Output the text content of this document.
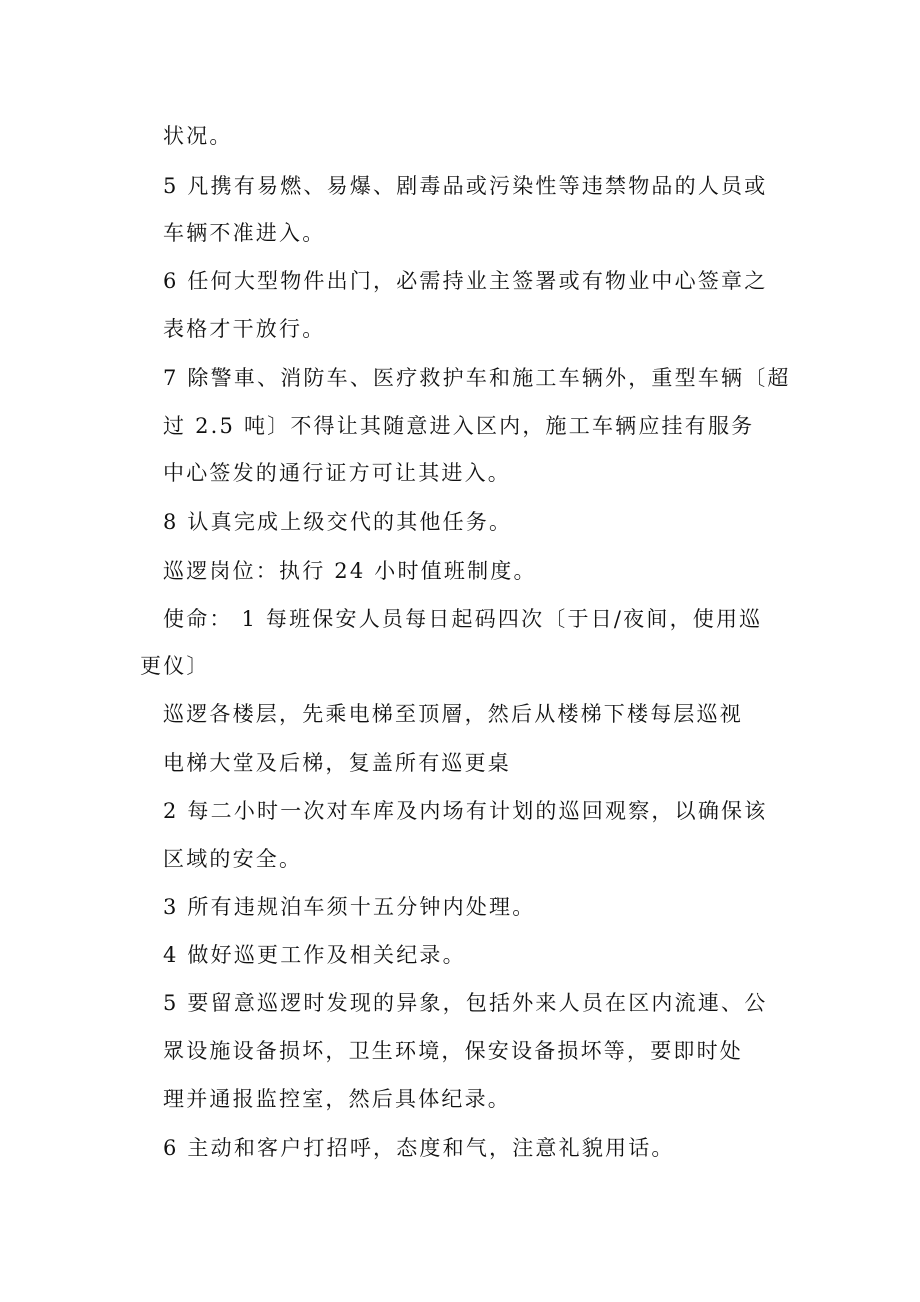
状况。
5 凡携有易燃、易爆、剧毒品或污染性等违禁物品的人员或
车辆不准进入。
6 任何大型物件出门，必需持业主签署或有物业中心签章之
表格才干放行。
7 除警車、消防车、医疗救护车和施工车辆外，重型车辆〔超
过 2.5 吨〕不得让其随意进入区内，施工车辆应挂有服务
中心签发的通行证方可让其进入。
8 认真完成上级交代的其他任务。
巡逻岗位：执行 24 小时值班制度。
使命： 1 每班保安人员每日起码四次〔于日/夜间，使用巡
更仪〕
巡逻各楼层，先乘电梯至顶層，然后从楼梯下楼每层巡视
电梯大堂及后梯，复盖所有巡更桌
2 每二小时一次对车库及内场有计划的巡回观察，以确保该
区域的安全。
3 所有违规泊车须十五分钟内处理。
4 做好巡更工作及相关纪录。
5 要留意巡逻时发现的异象，包括外来人员在区内流連、公
眾设施设备损坏，卫生环境，保安设备损坏等，要即时处
理并通报监控室，然后具体纪录。
6 主动和客户打招呼，态度和气，注意礼貌用话。
